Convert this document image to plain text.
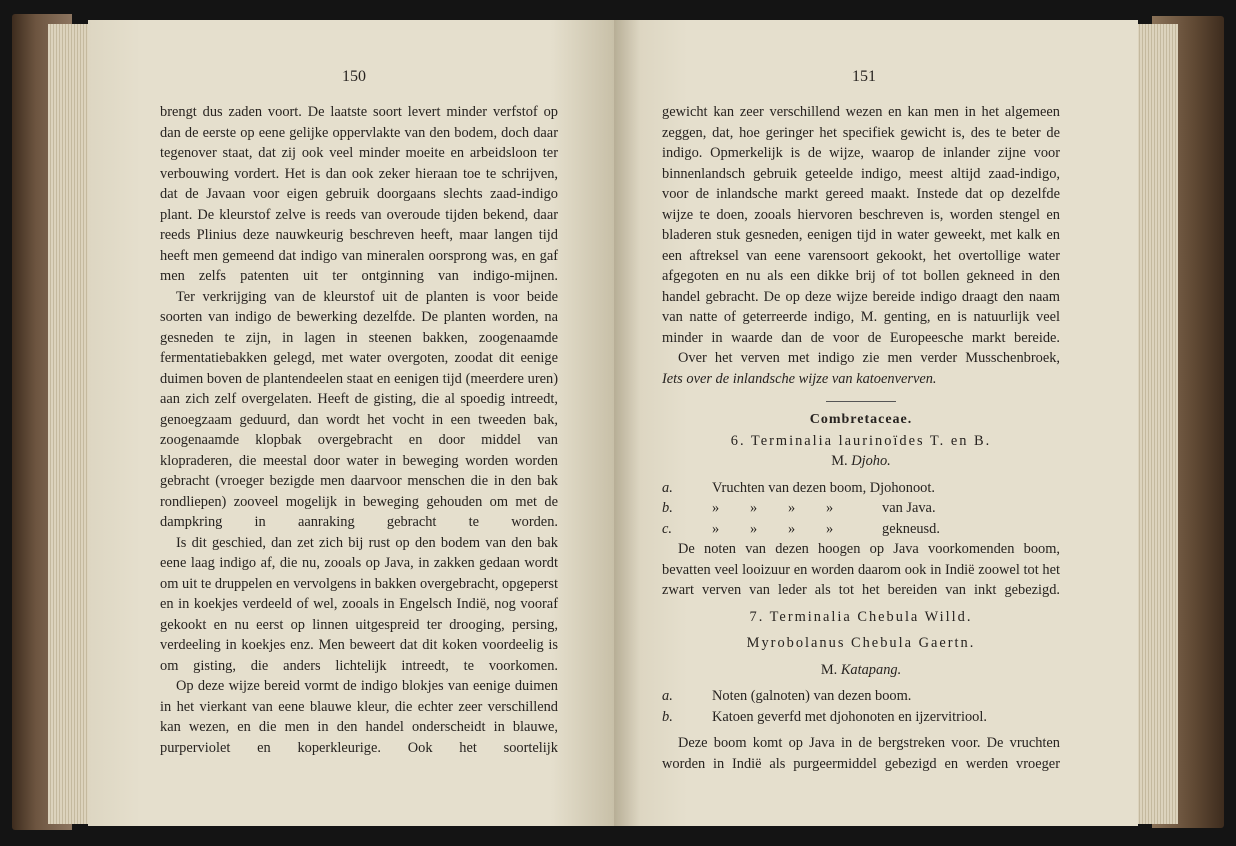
150

brengt dus zaden voort. De laatste soort levert minder verfstof op dan de eerste op eene gelijke oppervlakte van den bodem, doch daar tegenover staat, dat zij ook veel minder moeite en arbeidsloon ter verbouwing vordert. Het is dan ook zeker hieraan toe te schrijven, dat de Javaan voor eigen gebruik doorgaans slechts zaad-indigo plant. De kleurstof zelve is reeds van overoude tijden bekend, daar reeds Plinius deze nauwkeurig beschreven heeft, maar langen tijd heeft men gemeend dat indigo van mineralen oorsprong was, en gaf men zelfs patenten uit ter ontginning van indigo-mijnen.

Ter verkrijging van de kleurstof uit de planten is voor beide soorten van indigo de bewerking dezelfde. De planten worden, na gesneden te zijn, in lagen in steenen bakken, zoogenaamde fermentatiebakken gelegd, met water overgoten, zoodat dit eenige duimen boven de plantendeelen staat en eenigen tijd (meerdere uren) aan zich zelf overgelaten. Heeft de gisting, die al spoedig intreedt, genoegzaam geduurd, dan wordt het vocht in een tweeden bak, zoogenaamde klopbak overgebracht en door middel van klopraderen, die meestal door water in beweging worden worden gebracht (vroeger bezigde men daarvoor menschen die in den bak rondliepen) zooveel mogelijk in beweging gehouden om met de dampkring in aanraking gebracht te worden.

Is dit geschied, dan zet zich bij rust op den bodem van den bak eene laag indigo af, die nu, zooals op Java, in zakken gedaan wordt om uit te druppelen en vervolgens in bakken overgebracht, opgeperst en in koekjes verdeeld of wel, zooals in Engelsch Indië, nog vooraf gekookt en nu eerst op linnen uitgespreid ter drooging, persing, verdeeling in koekjes enz. Men beweert dat dit koken voordeelig is om gisting, die anders lichtelijk intreedt, te voorkomen.

Op deze wijze bereid vormt de indigo blokjes van eenige duimen in het vierkant van eene blauwe kleur, die echter zeer verschillend kan wezen, en die men in den handel onderscheidt in blauwe, purperviolet en koperkleurige. Ook het soortelijk

151

gewicht kan zeer verschillend wezen en kan men in het algemeen zeggen, dat, hoe geringer het specifiek gewicht is, des te beter de indigo. Opmerkelijk is de wijze, waarop de inlander zijne voor binnenlandsch gebruik geteelde indigo, meest altijd zaad-indigo, voor de inlandsche markt gereed maakt. Instede dat op dezelfde wijze te doen, zooals hiervoren beschreven is, worden stengel en bladeren stuk gesneden, eenigen tijd in water geweekt, met kalk en een aftreksel van eene varensoort gekookt, het overtollige water afgegoten en nu als een dikke brij of tot bollen gekneed in den handel gebracht. De op deze wijze bereide indigo draagt den naam van natte of geterreerde indigo, M. genting, en is natuurlijk veel minder in waarde dan de voor de Europeesche markt bereide.

Over het verven met indigo zie men verder Musschenbroek,

Iets over de inlandsche wijze van katoenverven.

Combretaceae.

6. Terminalia laurinoïdes T. en B.

M. Djoho.

a.	Vruchten van dezen boom, Djohonoot.

b.	» » » »	van Java.

c.	» » » »	gekneusd.

De noten van dezen hoogen op Java voorkomenden boom, bevatten veel looizuur en worden daarom ook in Indië zoowel tot het zwart verven van leder als tot het bereiden van inkt gebezigd.

7. Terminalia Chebula Willd.

Myrobolanus Chebula Gaertn.

M. Katapang.

a.	Noten (galnoten) van dezen boom.

b.	Katoen geverfd met djohonoten en ijzervitriool.

Deze boom komt op Java in de bergstreken voor. De vruchten worden in Indië als purgeermiddel gebezigd en werden vroeger
